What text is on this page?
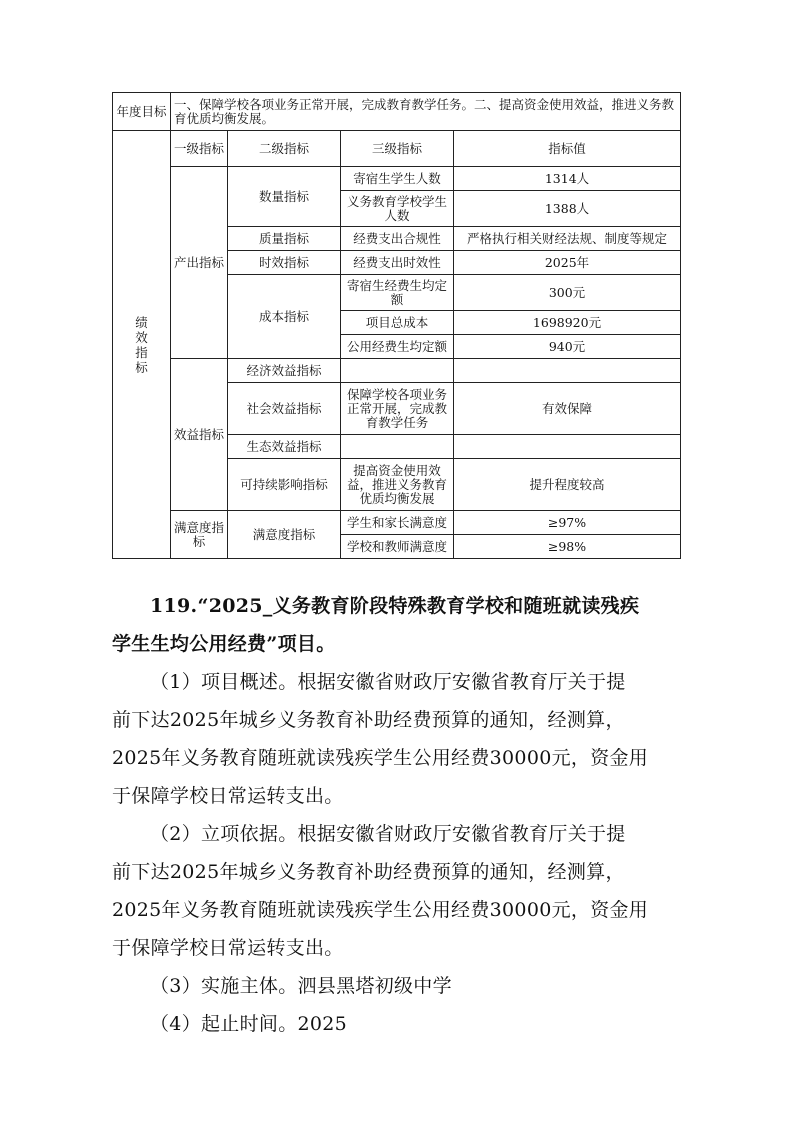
年度目标	一、保障学校各项业务正常开展，完成教育教学任务。二、提高资金使用效益，推进义务教育优质均衡发展。			

绩效指标	一级指标	二级指标	三级指标	指标值
	产出指标	数量指标	寄宿生学生人数	1314人
			义务教育学校学生人数	1388人
		质量指标	经费支出合规性	严格执行相关财经法规、制度等规定
		时效指标	经费支出时效性	2025年
		成本指标	寄宿生经费生均定额	300元
			项目总成本	1698920元
			公用经费生均定额	940元
	效益指标	经济效益指标		
		社会效益指标	保障学校各项业务正常开展，完成教育教学任务	有效保障
		生态效益指标		
		可持续影响指标	提高资金使用效益，推进义务教育优质均衡发展	提升程度较高
	满意度指标	满意度指标	学生和家长满意度	≥97%
			学校和教师满意度	≥98%
119.“2025_义务教育阶段特殊教育学校和随班就读残疾
学生生均公用经费”项目。
（1）项目概述。根据安徽省财政厅安徽省教育厅关于提
前下达2025年城乡义务教育补助经费预算的通知，经测算，
2025年义务教育随班就读残疾学生公用经费30000元，资金用
于保障学校日常运转支出。
（2）立项依据。根据安徽省财政厅安徽省教育厅关于提
前下达2025年城乡义务教育补助经费预算的通知，经测算，
2025年义务教育随班就读残疾学生公用经费30000元，资金用
于保障学校日常运转支出。
（3）实施主体。泗县黑塔初级中学
（4）起止时间。2025
